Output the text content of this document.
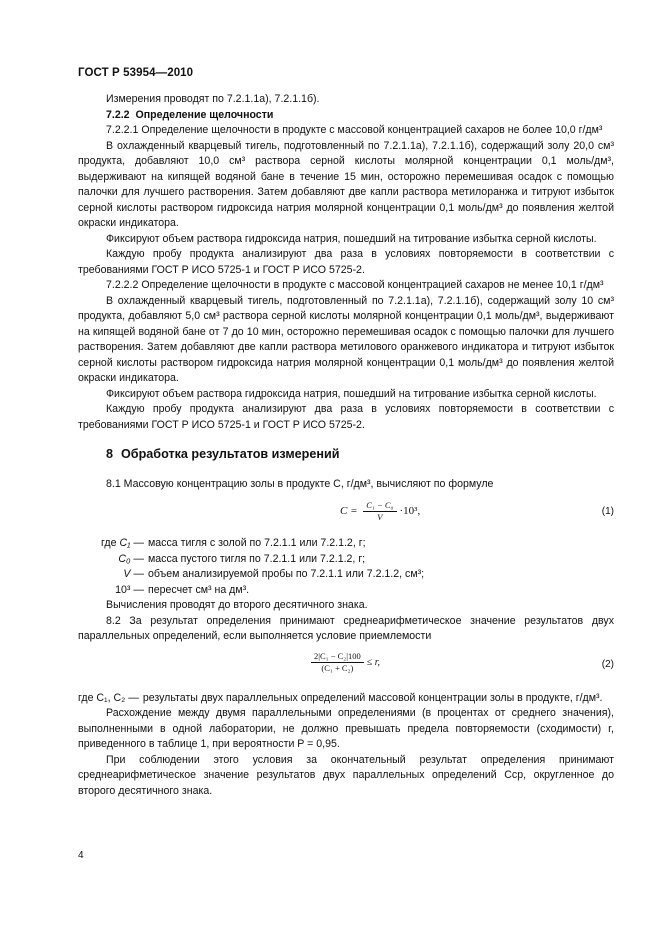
ГОСТ Р 53954—2010

Измерения проводят по 7.2.1.1а), 7.2.1.1б).

7.2.2 Определение щелочности

7.2.2.1 Определение щелочности в продукте с массовой концентрацией сахаров не более 10,0 г/дм³

В охлажденный кварцевый тигель, подготовленный по 7.2.1.1а), 7.2.1.1б), содержащий золу 20,0 см³ продукта, добавляют 10,0 см³ раствора серной кислоты молярной концентрации 0,1 моль/дм³, выдерживают на кипящей водяной бане в течение 15 мин, осторожно перемешивая осадок с помощью палочки для лучшего растворения. Затем добавляют две капли раствора метилоранжа и титруют избыток серной кислоты раствором гидроксида натрия молярной концентрации 0,1 моль/дм³ до появления желтой окраски индикатора.

Фиксируют объем раствора гидроксида натрия, пошедший на титрование избытка серной кислоты.

Каждую пробу продукта анализируют два раза в условиях повторяемости в соответствии с требованиями ГОСТ Р ИСО 5725-1 и ГОСТ Р ИСО 5725-2.

7.2.2.2 Определение щелочности в продукте с массовой концентрацией сахаров не менее 10,1 г/дм³

В охлажденный кварцевый тигель, подготовленный по 7.2.1.1а), 7.2.1.1б), содержащий золу 10 см³ продукта, добавляют 5,0 см³ раствора серной кислоты молярной концентрации 0,1 моль/дм³, выдерживают на кипящей водяной бане от 7 до 10 мин, осторожно перемешивая осадок с помощью палочки для лучшего растворения. Затем добавляют две капли раствора метилового оранжевого индикатора и титруют избыток серной кислоты раствором гидроксида натрия молярной концентрации 0,1 моль/дм³ до появления желтой окраски индикатора.

Фиксируют объем раствора гидроксида натрия, пошедший на титрование избытка серной кислоты.

Каждую пробу продукта анализируют два раза в условиях повторяемости в соответствии с требованиями ГОСТ Р ИСО 5725-1 и ГОСТ Р ИСО 5725-2.

8 Обработка результатов измерений

8.1 Массовую концентрацию золы в продукте C, г/дм³, вычисляют по формуле

$C = \frac{\text{C₁ − C₀}}{V} \cdot 10^3$,	(1)
где C₁ — масса тигля с золой по 7.2.1.1 или 7.2.1.2, г;
C₀ — масса пустого тигля по 7.2.1.1 или 7.2.1.2, г;
V — объем анализируемой пробы по 7.2.1.1 или 7.2.1.2, см³;
10³ — пересчет см³ на дм³.

Вычисления проводят до второго десятичного знака.

8.2 За результат определения принимают среднеарифметическое значение результатов двух параллельных определений, если выполняется условие приемлемости

$\frac{\text{2|C₁ − C₂|100}}{\text{(C₁ + C₂)}} \le r$,	(2)
где C₁, C₂ — результаты двух параллельных определений массовой концентрации золы в продукте, г/дм³.

Расхождение между двумя параллельными определениями (в процентах от среднего значения), выполненными в одной лаборатории, не должно превышать предела повторяемости (сходимости) r, приведенного в таблице 1, при вероятности P = 0,95.

При соблюдении этого условия за окончательный результат определения принимают среднеарифметическое значение результатов двух параллельных определений Cср, округленное до второго десятичного знака.

4
